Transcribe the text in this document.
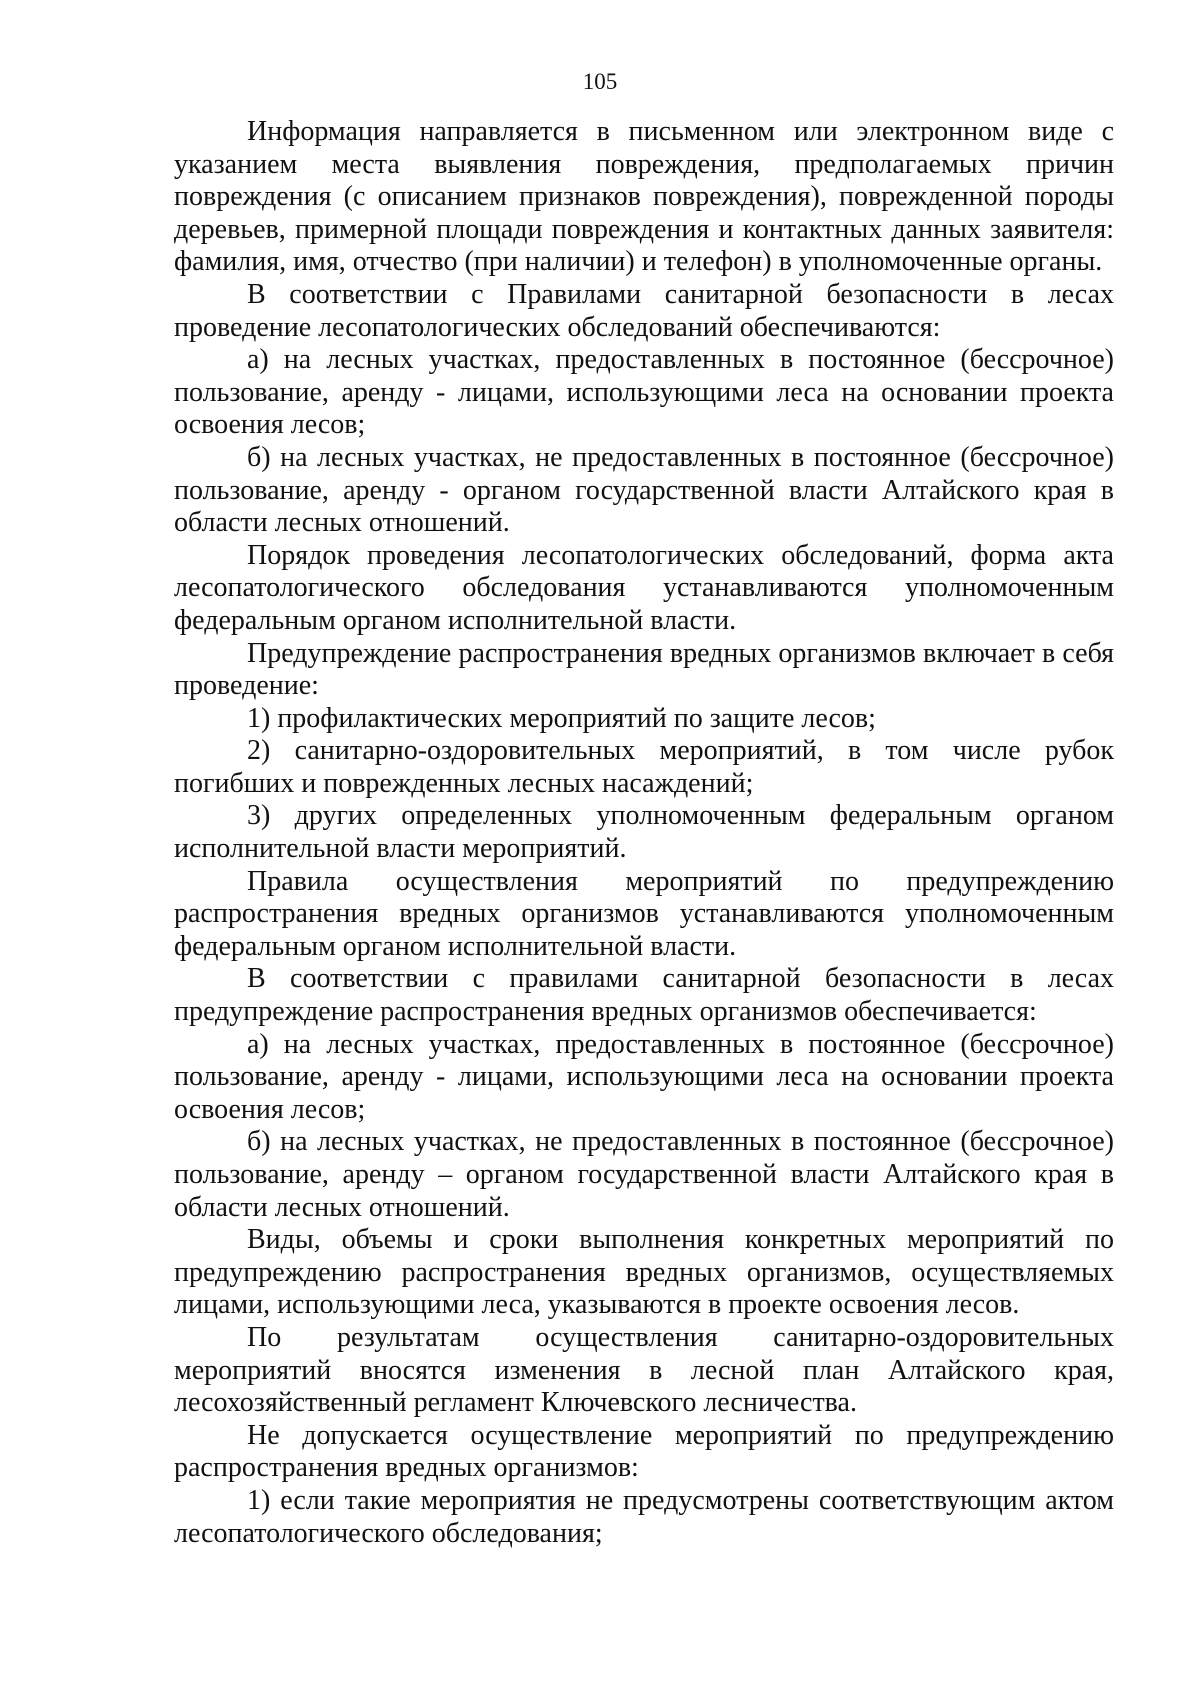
105

Информация направляется в письменном или электронном виде с указанием места выявления повреждения, предполагаемых причин повреждения (с описанием признаков повреждения), поврежденной породы деревьев, примерной площади повреждения и контактных данных заявителя: фамилия, имя, отчество (при наличии) и телефон) в уполномоченные органы.

В соответствии с Правилами санитарной безопасности в лесах проведение лесопатологических обследований обеспечиваются:

а) на лесных участках, предоставленных в постоянное (бессрочное) пользование, аренду - лицами, использующими леса на основании проекта освоения лесов;

б) на лесных участках, не предоставленных в постоянное (бессрочное) пользование, аренду - органом государственной власти Алтайского края в области лесных отношений.

Порядок проведения лесопатологических обследований, форма акта лесопатологического обследования устанавливаются уполномоченным федеральным органом исполнительной власти.

Предупреждение распространения вредных организмов включает в себя проведение:

1) профилактических мероприятий по защите лесов;

2) санитарно-оздоровительных мероприятий, в том числе рубок погибших и поврежденных лесных насаждений;

3) других определенных уполномоченным федеральным органом исполнительной власти мероприятий.

Правила осуществления мероприятий по предупреждению распространения вредных организмов устанавливаются уполномоченным федеральным органом исполнительной власти.

В соответствии с правилами санитарной безопасности в лесах предупреждение распространения вредных организмов обеспечивается:

а) на лесных участках, предоставленных в постоянное (бессрочное) пользование, аренду - лицами, использующими леса на основании проекта освоения лесов;

б) на лесных участках, не предоставленных в постоянное (бессрочное) пользование, аренду – органом государственной власти Алтайского края в области лесных отношений.

Виды, объемы и сроки выполнения конкретных мероприятий по предупреждению распространения вредных организмов, осуществляемых лицами, использующими леса, указываются в проекте освоения лесов.

По результатам осуществления санитарно-оздоровительных мероприятий вносятся изменения в лесной план Алтайского края, лесохозяйственный регламент Ключевского лесничества.

Не допускается осуществление мероприятий по предупреждению распространения вредных организмов:

1) если такие мероприятия не предусмотрены соответствующим актом лесопатологического обследования;
